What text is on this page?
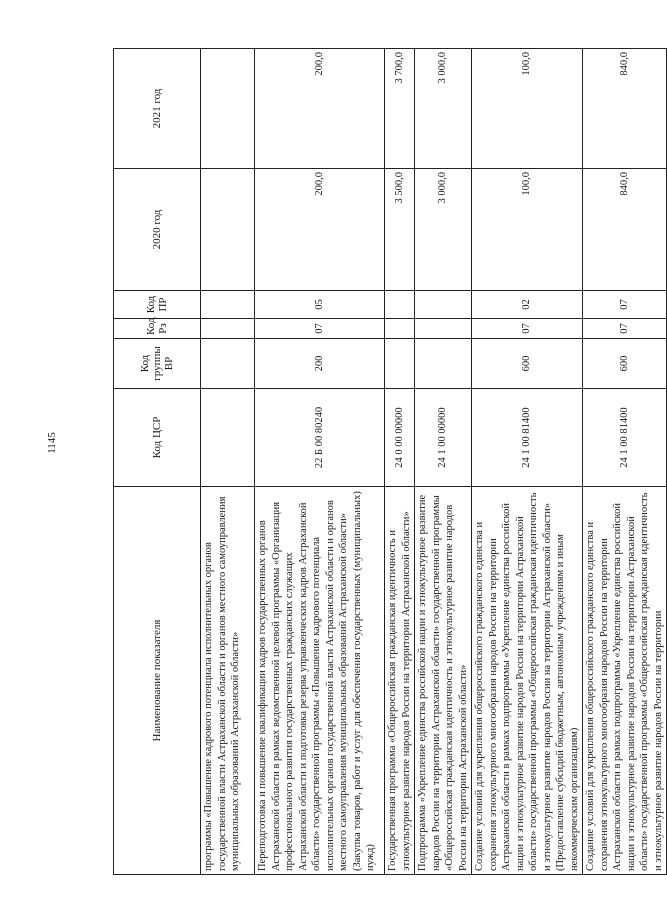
1145
Наименование показателя	Код ЦСР	Код группы ВР	Код Рз	Код ПР	2020 год	2021 год
программы «Повышение кадрового потенциала исполнительных органов государственной власти Астраханской области и органов местного самоуправления муниципальных образований Астраханской области»						
Переподготовка и повышение квалификации кадров государственных органов Астраханской области в рамках ведомственной целевой программы «Организация профессионального развития государственных гражданских служащих Астраханской области и подготовка резерва управленческих кадров Астраханской области» государственной программы «Повышение кадрового потенциала исполнительных органов государственной власти Астраханской области и органов местного самоуправления муниципальных образований Астраханской области» (Закупка товаров, работ и услуг для обеспечения государственных (муниципальных) нужд)	22 Б 00 80240	200	07	05	200,0	200,0
Государственная программа «Общероссийская гражданская идентичность и этнокультурное развитие народов России на территории Астраханской области»	24 0 00 00000				3 500,0	3 700,0
Подпрограмма «Укрепление единства российской нации и этнокультурное развитие народов России на территории Астраханской области» государственной программы «Общероссийская гражданская идентичность и этнокультурное развитие народов России на территории Астраханской области»	24 1 00 00000				3 000,0	3 000,0
Создание условий для укрепления общероссийского гражданского единства и сохранения этнокультурного многообразия народов России на территории Астраханской области в рамках подпрограммы «Укрепление единства российской нации и этнокультурное развитие народов России на территории Астраханской области» государственной программы «Общероссийская гражданская идентичность и этнокультурное развитие народов России на территории Астраханской области» (Предоставление субсидий бюджетным, автономным учреждениям и иным некоммерческим организациям)	24 1 00 81400	600	07	02	100,0	100,0
Создание условий для укрепления общероссийского гражданского единства и сохранения этнокультурного многообразия народов России на территории Астраханской области в рамках подпрограммы «Укрепление единства российской нации и этнокультурное развитие народов России на территории Астраханской области» государственной программы «Общероссийская гражданская идентичность и этнокультурное развитие народов России на территории	24 1 00 81400	600	07	07	840,0	840,0
